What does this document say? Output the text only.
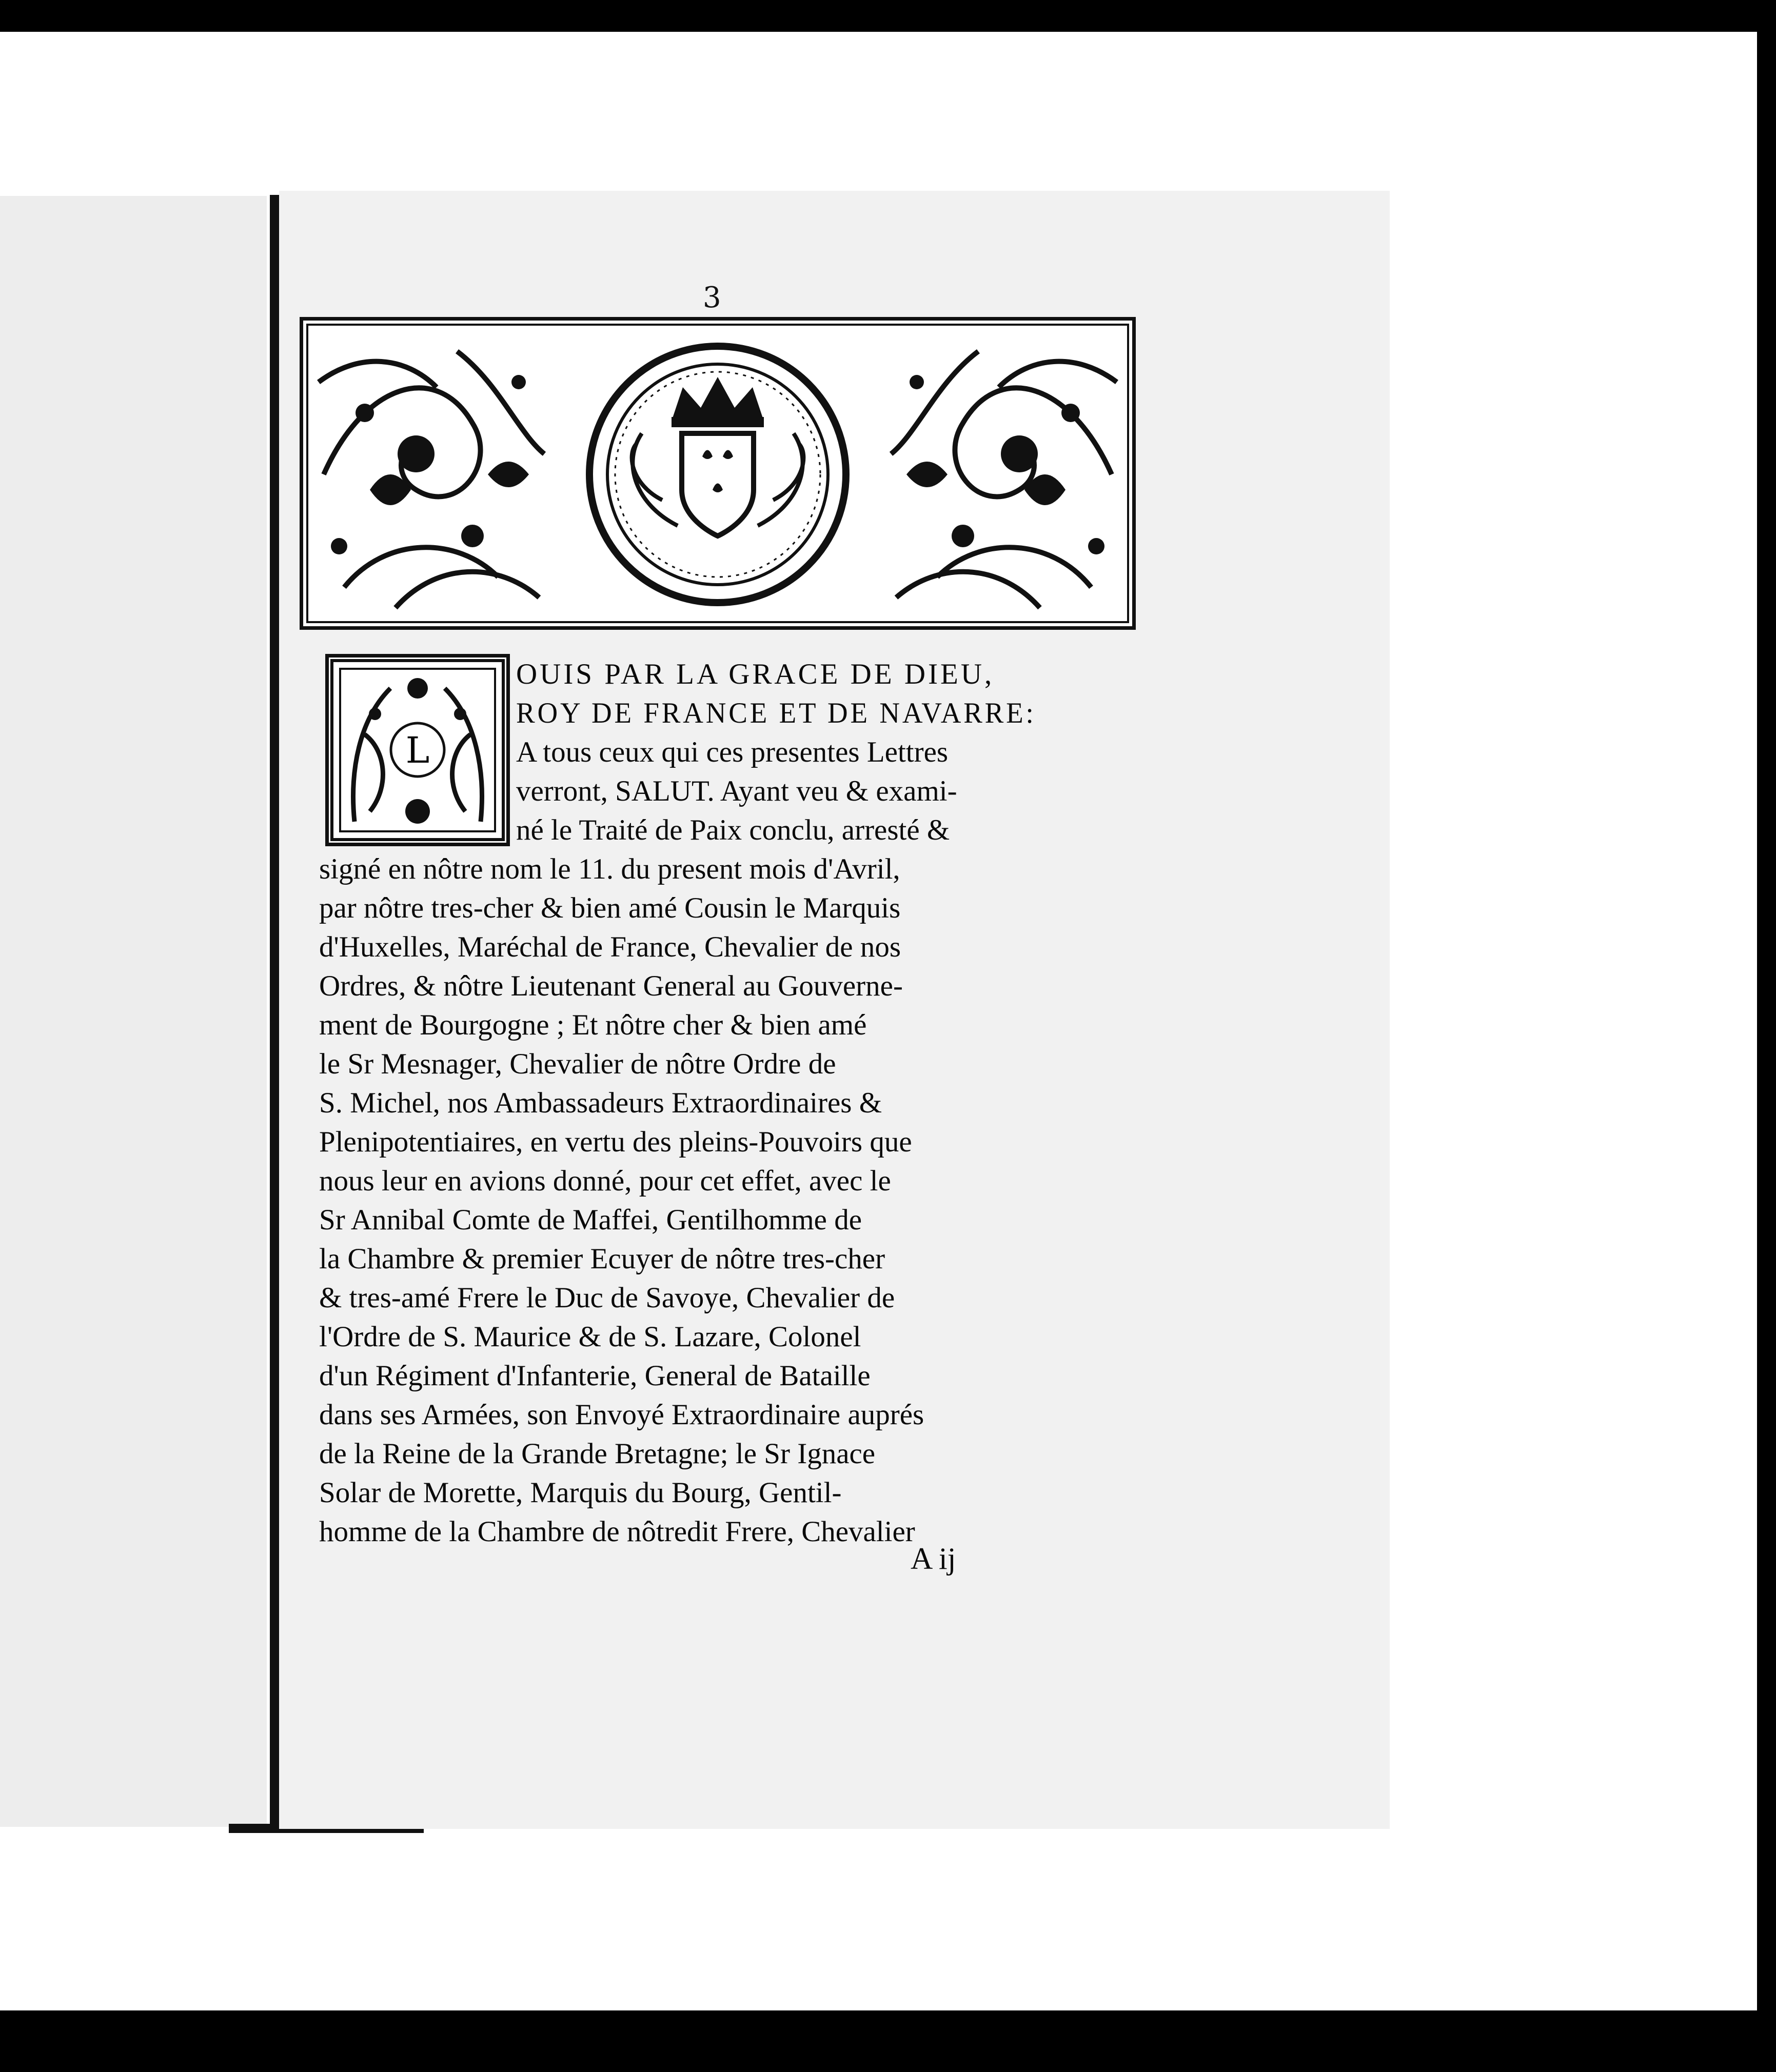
3
L
OUIS PAR LA GRACE DE DIEU,
ROY DE FRANCE ET DE NAVARRE:
A tous ceux qui ces presentes Lettres
verront, SALUT. Ayant veu & exami-
né le Traité de Paix conclu, arresté &
signé en nôtre nom le 11. du present mois d'Avril,
par nôtre tres-cher & bien amé Cousin le Marquis
d'Huxelles, Maréchal de France, Chevalier de nos
Ordres, & nôtre Lieutenant General au Gouverne-
ment de Bourgogne ; Et nôtre cher & bien amé
le Sr Mesnager, Chevalier de nôtre Ordre de
S. Michel, nos Ambassadeurs Extraordinaires &
Plenipotentiaires, en vertu des pleins-Pouvoirs que
nous leur en avions donné, pour cet effet, avec le
Sr Annibal Comte de Maffei, Gentilhomme de
la Chambre & premier Ecuyer de nôtre tres-cher
& tres-amé Frere le Duc de Savoye, Chevalier de
l'Ordre de S. Maurice & de S. Lazare, Colonel
d'un Régiment d'Infanterie, General de Bataille
dans ses Armées, son Envoyé Extraordinaire auprés
de la Reine de la Grande Bretagne; le Sr Ignace
Solar de Morette, Marquis du Bourg, Gentil-
homme de la Chambre de nôtredit Frere, Chevalier
A ij
